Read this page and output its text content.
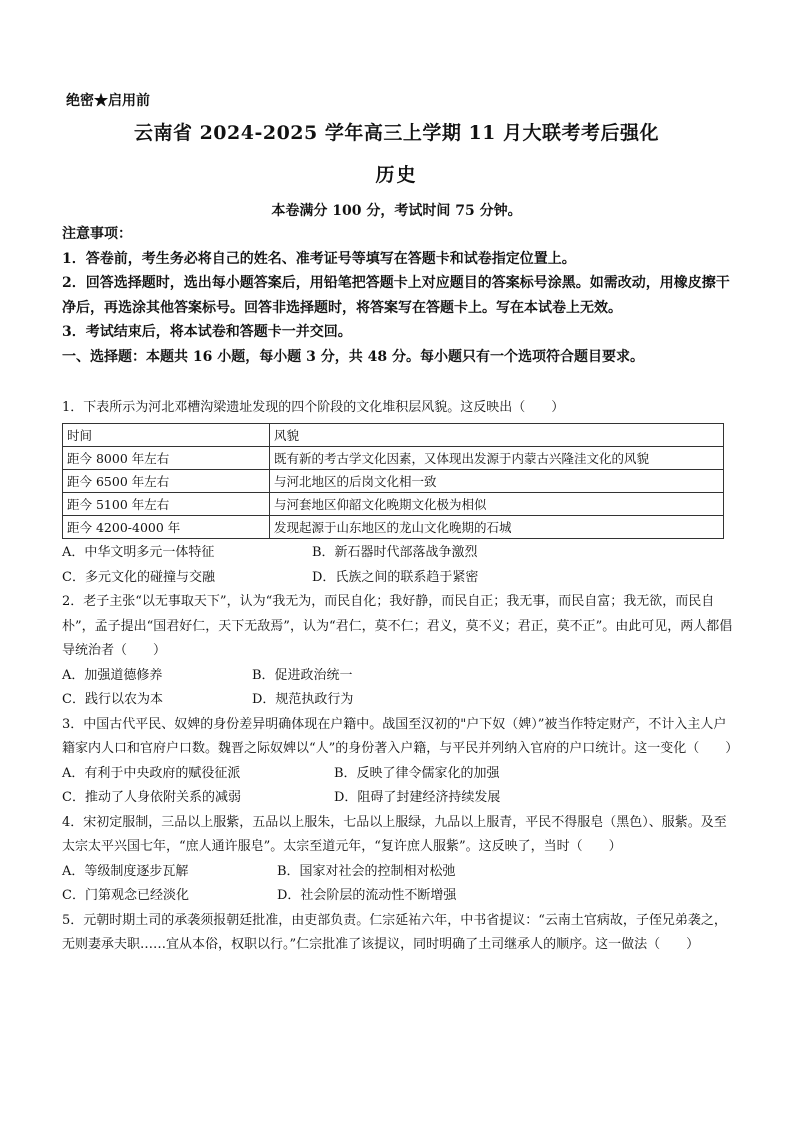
绝密★启用前
云南省 2024-2025 学年高三上学期 11 月大联考考后强化
历史
本卷满分 100 分，考试时间 75 分钟。

注意事项：

1．答卷前，考生务必将自己的姓名、准考证号等填写在答题卡和试卷指定位置上。

2．回答选择题时，选出每小题答案后，用铅笔把答题卡上对应题目的答案标号涂黑。如需改动，用橡皮擦干净后，再选涂其他答案标号。回答非选择题时，将答案写在答题卡上。写在本试卷上无效。

3．考试结束后，将本试卷和答题卡一并交回。

一、选择题：本题共 16 小题，每小题 3 分，共 48 分。每小题只有一个选项符合题目要求。

1．下表所示为河北邓槽沟梁遗址发现的四个阶段的文化堆积层风貌。这反映出（　　）

时间	风貌
距今 8000 年左右	既有新的考古学文化因素，又体现出发源于内蒙古兴隆洼文化的风貌
距今 6500 年左右	与河北地区的后岗文化相一致
距今 5100 年左右	与河套地区仰韶文化晚期文化极为相似
距今 4200-4000 年	发现起源于山东地区的龙山文化晚期的石城

A．中华文明多元一体特征	B．新石器时代部落战争激烈

C．多元文化的碰撞与交融	D．氏族之间的联系趋于紧密

2．老子主张“以无事取天下”，认为“我无为，而民自化；我好静，而民自正；我无事，而民自富；我无欲，而民自朴”，孟子提出“国君好仁，天下无敌焉”，认为“君仁，莫不仁；君义，莫不义；君正，莫不正”。由此可见，两人都倡导统治者（　　）

A．加强道德修养	B．促进政治统一

C．践行以农为本	D．规范执政行为

3．中国古代平民、奴婢的身份差异明确体现在户籍中。战国至汉初的"户下奴（婢）”被当作特定财产，不计入主人户籍家内人口和官府户口数。魏晋之际奴婢以“人”的身份著入户籍，与平民并列纳入官府的户口统计。这一变化（　　）

A．有利于中央政府的赋役征派	B．反映了律令儒家化的加强

C．推动了人身依附关系的减弱	D．阻碍了封建经济持续发展

4．宋初定服制，三品以上服紫，五品以上服朱，七品以上服绿，九品以上服青，平民不得服皂（黑色）、服紫。及至太宗太平兴国七年，“庶人通许服皂”。太宗至道元年，“复许庶人服紫”。这反映了，当时（　　）

A．等级制度逐步瓦解	B．国家对社会的控制相对松弛

C．门第观念已经淡化	D．社会阶层的流动性不断增强

5．元朝时期土司的承袭须报朝廷批准，由吏部负责。仁宗延祐六年，中书省提议：“云南土官病故，子侄兄弟袭之，无则妻承夫职……宜从本俗，权职以行。”仁宗批准了该提议，同时明确了土司继承人的顺序。这一做法（　　）
